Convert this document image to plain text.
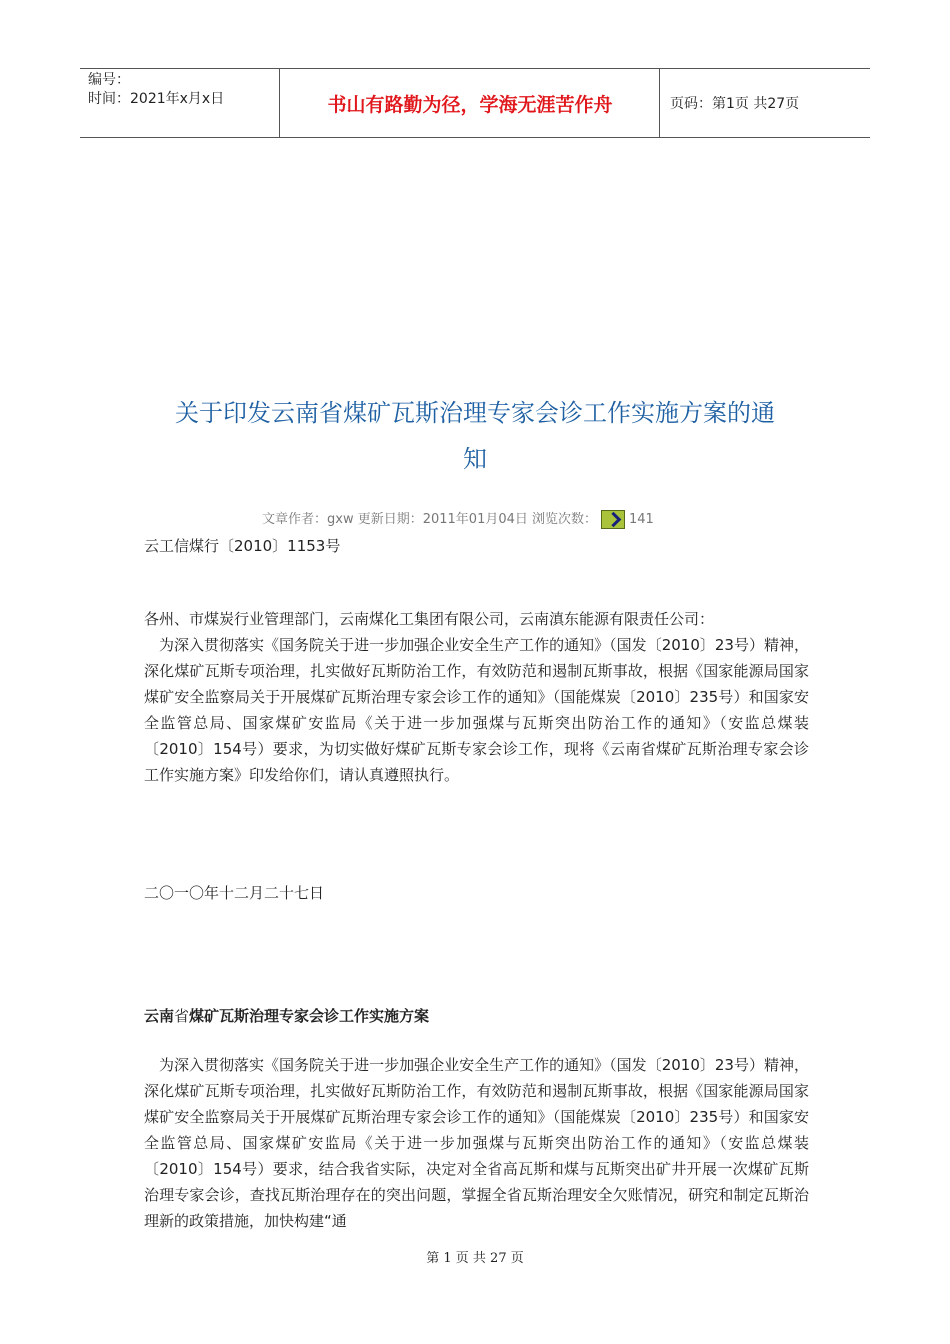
编号：
时间：2021年x月x日	书山有路勤为径，学海无涯苦作舟	页码：第1页 共27页
关于印发云南省煤矿瓦斯治理专家会诊工作实施方案的通
知
文章作者：gxw 更新日期：2011年01月04日 浏览次数： 141
云工信煤行〔2010〕1153号
各州、市煤炭行业管理部门，云南煤化工集团有限公司，云南滇东能源有限责任公司：
为深入贯彻落实《国务院关于进一步加强企业安全生产工作的通知》（国发〔2010〕23号）精神，深化煤矿瓦斯专项治理，扎实做好瓦斯防治工作，有效防范和遏制瓦斯事故，根据《国家能源局国家煤矿安全监察局关于开展煤矿瓦斯治理专家会诊工作的通知》（国能煤炭〔2010〕235号）和国家安全监管总局、国家煤矿安监局《关于进一步加强煤与瓦斯突出防治工作的通知》（安监总煤装〔2010〕154号）要求，为切实做好煤矿瓦斯专家会诊工作，现将《云南省煤矿瓦斯治理专家会诊工作实施方案》印发给你们，请认真遵照执行。
二〇一〇年十二月二十七日
云南省煤矿瓦斯治理专家会诊工作实施方案
为深入贯彻落实《国务院关于进一步加强企业安全生产工作的通知》（国发〔2010〕23号）精神，深化煤矿瓦斯专项治理，扎实做好瓦斯防治工作，有效防范和遏制瓦斯事故，根据《国家能源局国家煤矿安全监察局关于开展煤矿瓦斯治理专家会诊工作的通知》（国能煤炭〔2010〕235号）和国家安全监管总局、国家煤矿安监局《关于进一步加强煤与瓦斯突出防治工作的通知》（安监总煤装〔2010〕154号）要求，结合我省实际，决定对全省高瓦斯和煤与瓦斯突出矿井开展一次煤矿瓦斯治理专家会诊，查找瓦斯治理存在的突出问题，掌握全省瓦斯治理安全欠账情况，研究和制定瓦斯治理新的政策措施，加快构建“通
第 1 页 共 27 页
